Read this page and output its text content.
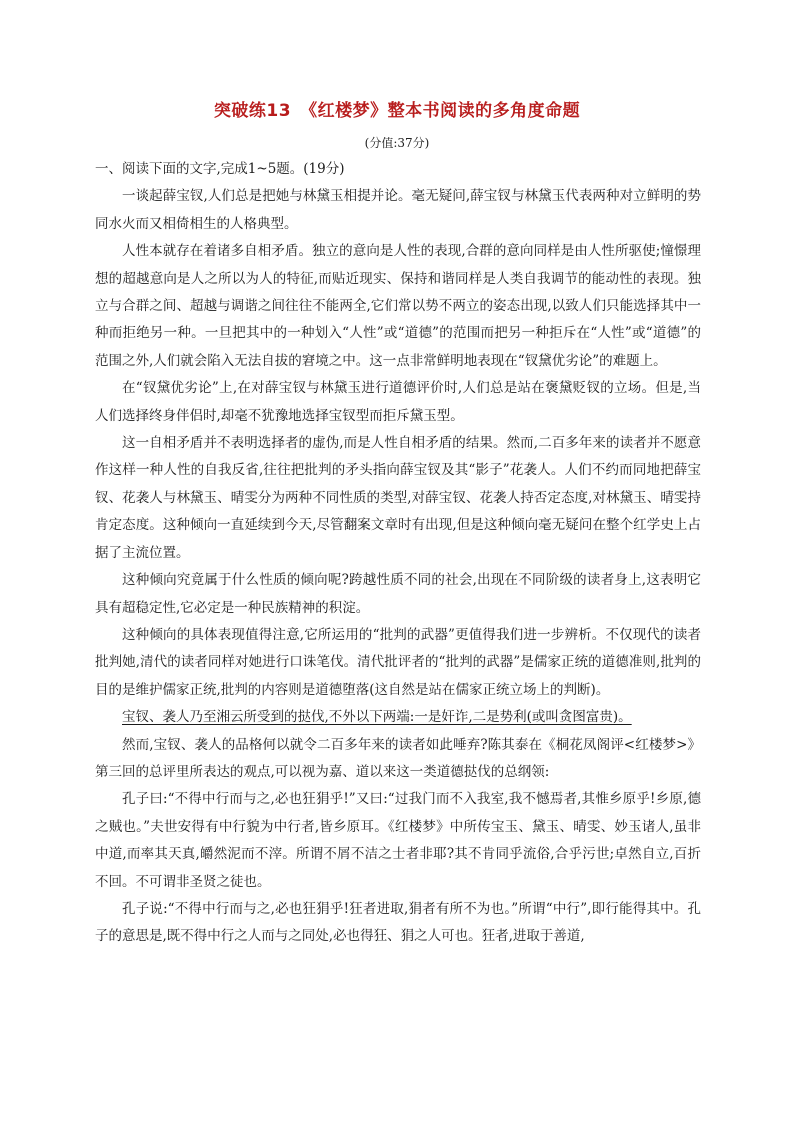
突破练13　《红楼梦》整本书阅读的多角度命题
(分值:37分)

一、阅读下面的文字,完成1~5题。(19分)

一谈起薛宝钗,人们总是把她与林黛玉相提并论。毫无疑问,薛宝钗与林黛玉代表两种对立鲜明的势同水火而又相倚相生的人格典型。

人性本就存在着诸多自相矛盾。独立的意向是人性的表现,合群的意向同样是由人性所驱使;憧憬理想的超越意向是人之所以为人的特征,而贴近现实、保持和谐同样是人类自我调节的能动性的表现。独立与合群之间、超越与调谐之间往往不能两全,它们常以势不两立的姿态出现,以致人们只能选择其中一种而拒绝另一种。一旦把其中的一种划入“人性”或“道德”的范围而把另一种拒斥在“人性”或“道德”的范围之外,人们就会陷入无法自拔的窘境之中。这一点非常鲜明地表现在“钗黛优劣论”的难题上。

在“钗黛优劣论”上,在对薛宝钗与林黛玉进行道德评价时,人们总是站在褒黛贬钗的立场。但是,当人们选择终身伴侣时,却毫不犹豫地选择宝钗型而拒斥黛玉型。

这一自相矛盾并不表明选择者的虚伪,而是人性自相矛盾的结果。然而,二百多年来的读者并不愿意作这样一种人性的自我反省,往往把批判的矛头指向薛宝钗及其“影子”花袭人。人们不约而同地把薛宝钗、花袭人与林黛玉、晴雯分为两种不同性质的类型,对薛宝钗、花袭人持否定态度,对林黛玉、晴雯持肯定态度。这种倾向一直延续到今天,尽管翻案文章时有出现,但是这种倾向毫无疑问在整个红学史上占据了主流位置。

这种倾向究竟属于什么性质的倾向呢?跨越性质不同的社会,出现在不同阶级的读者身上,这表明它具有超稳定性,它必定是一种民族精神的积淀。

这种倾向的具体表现值得注意,它所运用的“批判的武器”更值得我们进一步辨析。不仅现代的读者批判她,清代的读者同样对她进行口诛笔伐。清代批评者的“批判的武器”是儒家正统的道德准则,批判的目的是维护儒家正统,批判的内容则是道德堕落(这自然是站在儒家正统立场上的判断)。

宝钗、袭人乃至湘云所受到的挞伐,不外以下两端:一是奸诈,二是势利(或叫贪图富贵)。

然而,宝钗、袭人的品格何以就令二百多年来的读者如此唾弃?陈其泰在《桐花凤阁评<红楼梦>》第三回的总评里所表达的观点,可以视为嘉、道以来这一类道德挞伐的总纲领:

孔子曰:“不得中行而与之,必也狂狷乎!”又曰:“过我门而不入我室,我不憾焉者,其惟乡原乎!乡原,德之贼也。”夫世安得有中行貌为中行者,皆乡原耳。《红楼梦》中所传宝玉、黛玉、晴雯、妙玉诸人,虽非中道,而率其天真,皭然泥而不滓。所谓不屑不洁之士者非耶?其不肯同乎流俗,合乎污世;卓然自立,百折不回。不可谓非圣贤之徒也。

孔子说:“不得中行而与之,必也狂狷乎!狂者进取,狷者有所不为也。”所谓“中行”,即行能得其中。孔子的意思是,既不得中行之人而与之同处,必也得狂、狷之人可也。狂者,进取于善道,
